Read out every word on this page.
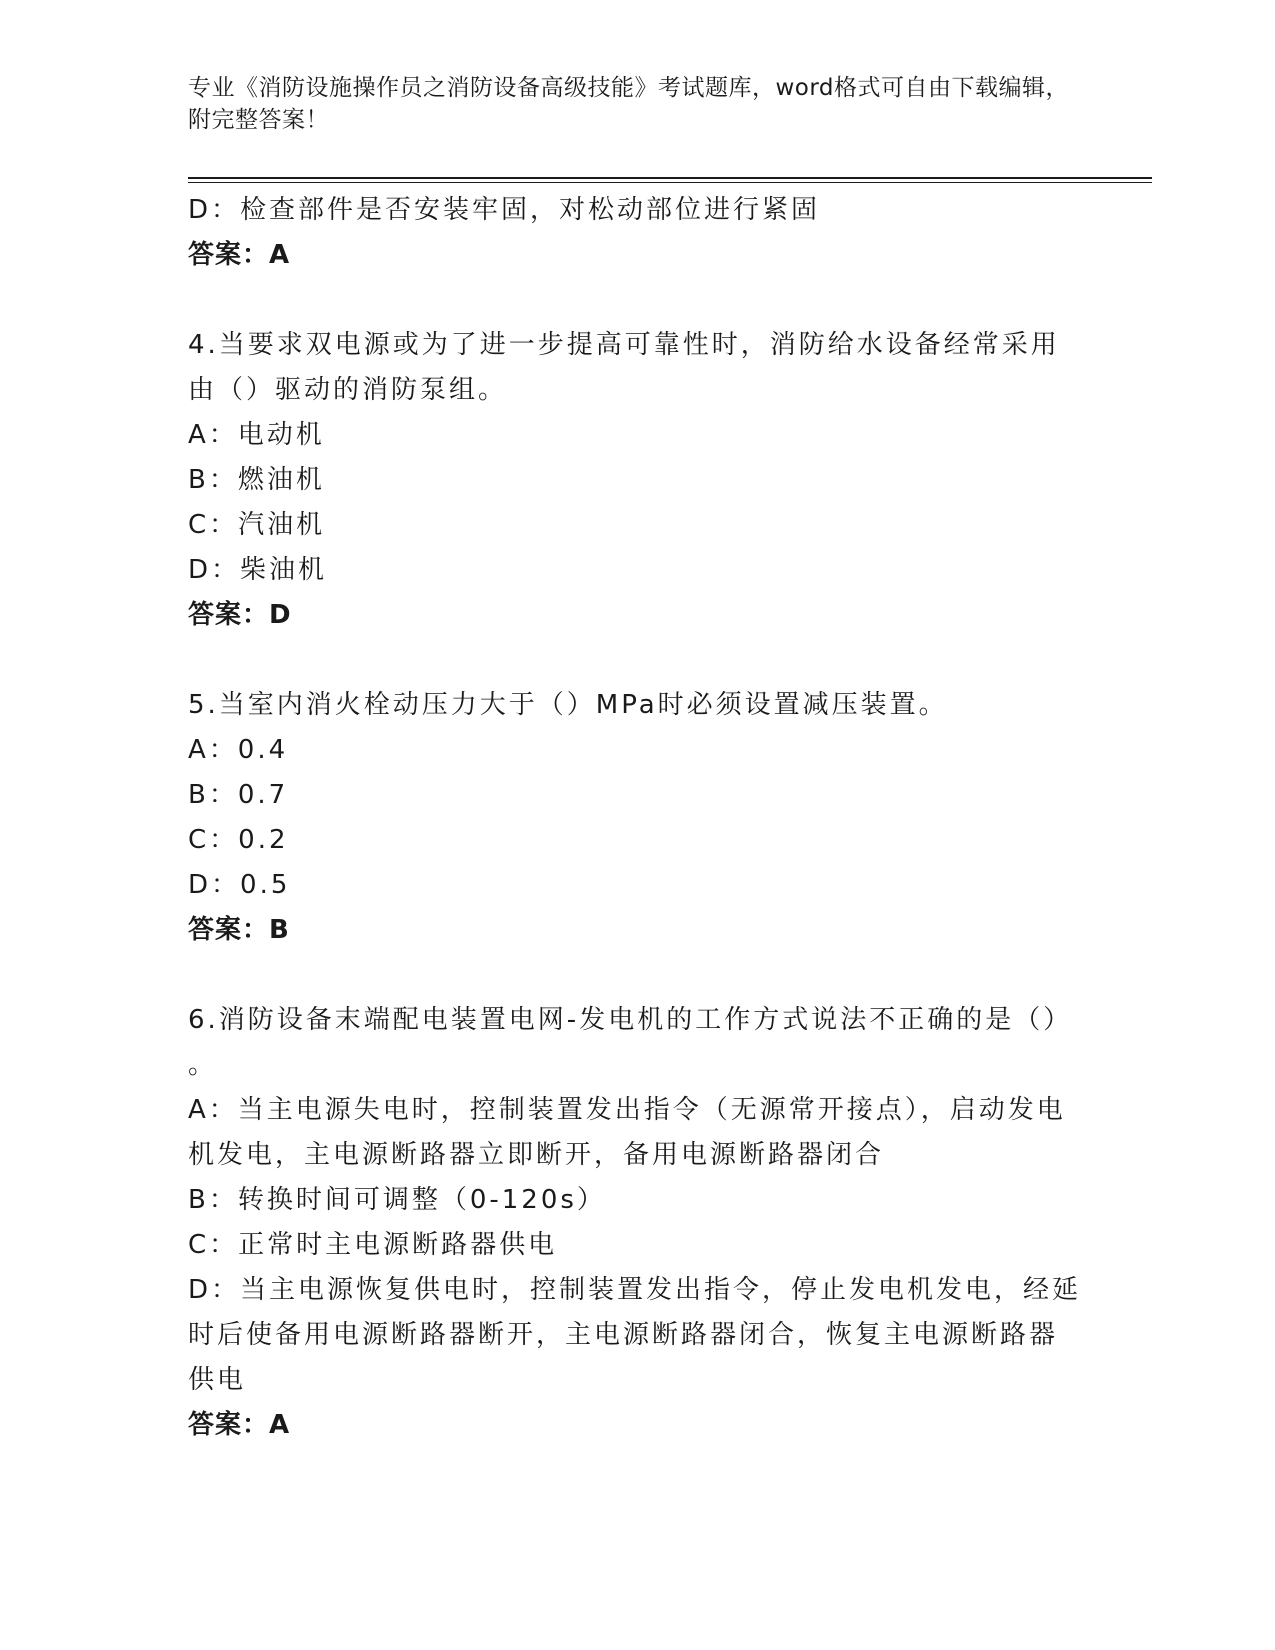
专业《消防设施操作员之消防设备高级技能》考试题库，word格式可自由下载编辑，附完整答案！
D：检查部件是否安装牢固，对松动部位进行紧固
答案：A
4.当要求双电源或为了进一步提高可靠性时，消防给水设备经常采用
由（）驱动的消防泵组。
A：电动机
B：燃油机
C：汽油机
D：柴油机
答案：D
5.当室内消火栓动压力大于（）MPa时必须设置减压装置。
A：0.4
B：0.7
C：0.2
D：0.5
答案：B
6.消防设备末端配电装置电网-发电机的工作方式说法不正确的是（）
。
A：当主电源失电时，控制装置发出指令（无源常开接点），启动发电
机发电，主电源断路器立即断开，备用电源断路器闭合
B：转换时间可调整（0-120s）
C：正常时主电源断路器供电
D：当主电源恢复供电时，控制装置发出指令，停止发电机发电，经延
时后使备用电源断路器断开，主电源断路器闭合，恢复主电源断路器
供电
答案：A
